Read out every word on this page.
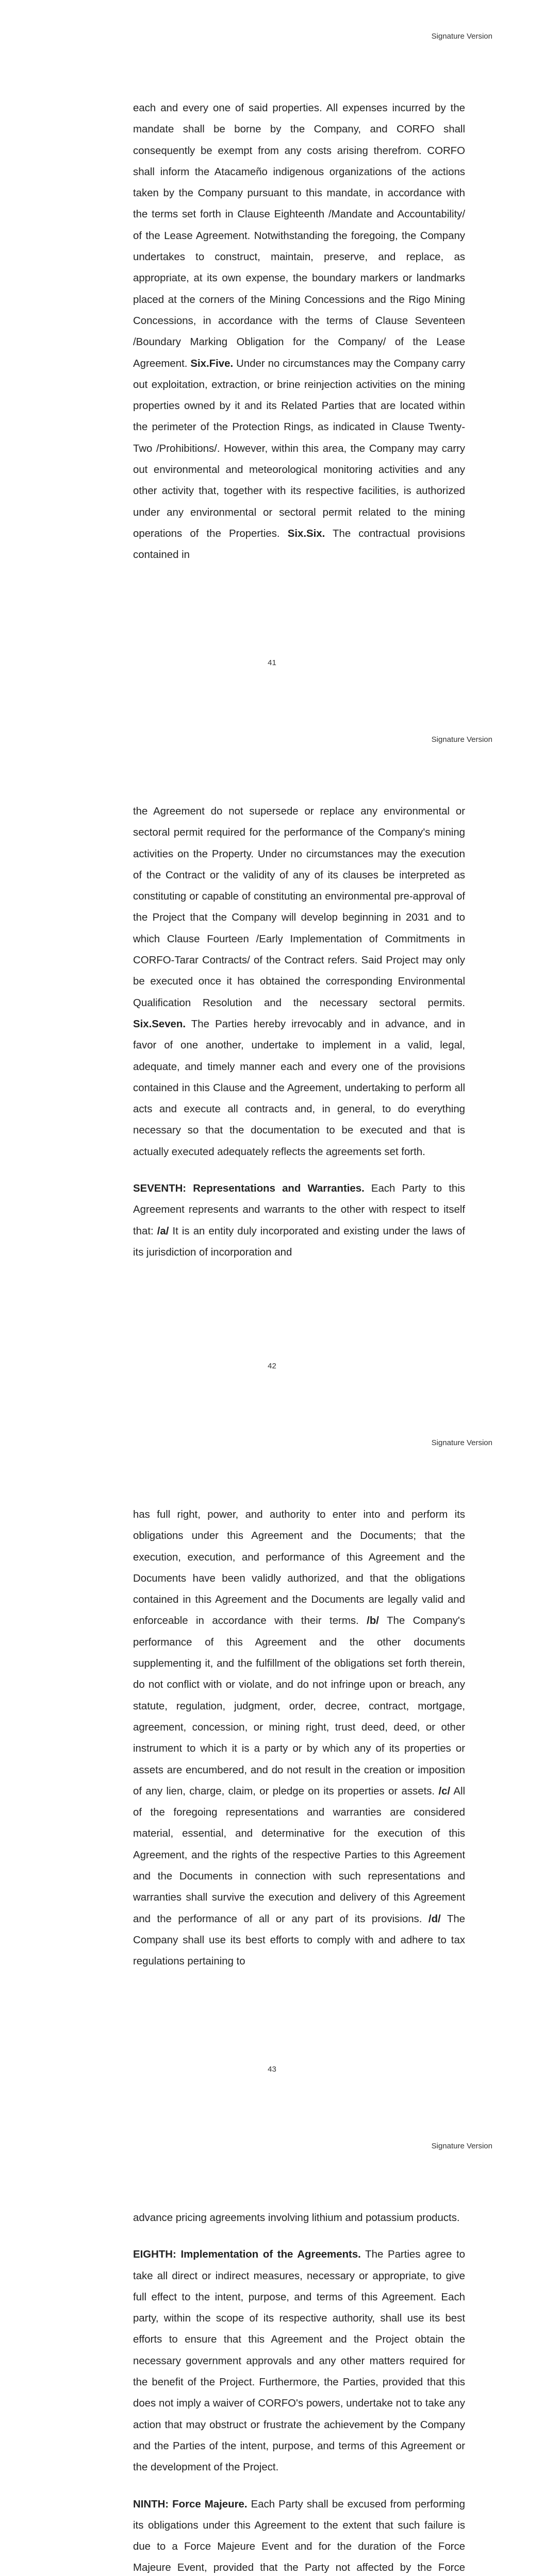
Signature Version

each and every one of said properties. All expenses incurred by the mandate shall be borne by the Company, and CORFO shall consequently be exempt from any costs arising therefrom. CORFO shall inform the Atacameño indigenous organizations of the actions taken by the Company pursuant to this mandate, in accordance with the terms set forth in Clause Eighteenth /Mandate and Accountability/ of the Lease Agreement. Notwithstanding the foregoing, the Company undertakes to construct, maintain, preserve, and replace, as appropriate, at its own expense, the boundary markers or landmarks placed at the corners of the Mining Concessions and the Rigo Mining Concessions, in accordance with the terms of Clause Seventeen /Boundary Marking Obligation for the Company/ of the Lease Agreement. Six.Five. Under no circumstances may the Company carry out exploitation, extraction, or brine reinjection activities on the mining properties owned by it and its Related Parties that are located within the perimeter of the Protection Rings, as indicated in Clause Twenty-Two /Prohibitions/. However, within this area, the Company may carry out environmental and meteorological monitoring activities and any other activity that, together with its respective facilities, is authorized under any environmental or sectoral permit related to the mining operations of the Properties. Six.Six. The contractual provisions contained in

41
Signature Version

the Agreement do not supersede or replace any environmental or sectoral permit required for the performance of the Company's mining activities on the Property. Under no circumstances may the execution of the Contract or the validity of any of its clauses be interpreted as constituting or capable of constituting an environmental pre-approval of the Project that the Company will develop beginning in 2031 and to which Clause Fourteen /Early Implementation of Commitments in CORFO-Tarar Contracts/ of the Contract refers. Said Project may only be executed once it has obtained the corresponding Environmental Qualification Resolution and the necessary sectoral permits. Six.Seven. The Parties hereby irrevocably and in advance, and in favor of one another, undertake to implement in a valid, legal, adequate, and timely manner each and every one of the provisions contained in this Clause and the Agreement, undertaking to perform all acts and execute all contracts and, in general, to do everything necessary so that the documentation to be executed and that is actually executed adequately reflects the agreements set forth.

SEVENTH: Representations and Warranties. Each Party to this Agreement represents and warrants to the other with respect to itself that: /a/ It is an entity duly incorporated and existing under the laws of its jurisdiction of incorporation and

42
Signature Version

has full right, power, and authority to enter into and perform its obligations under this Agreement and the Documents; that the execution, execution, and performance of this Agreement and the Documents have been validly authorized, and that the obligations contained in this Agreement and the Documents are legally valid and enforceable in accordance with their terms. /b/ The Company's performance of this Agreement and the other documents supplementing it, and the fulfillment of the obligations set forth therein, do not conflict with or violate, and do not infringe upon or breach, any statute, regulation, judgment, order, decree, contract, mortgage, agreement, concession, or mining right, trust deed, deed, or other instrument to which it is a party or by which any of its properties or assets are encumbered, and do not result in the creation or imposition of any lien, charge, claim, or pledge on its properties or assets. /c/ All of the foregoing representations and warranties are considered material, essential, and determinative for the execution of this Agreement, and the rights of the respective Parties to this Agreement and the Documents in connection with such representations and warranties shall survive the execution and delivery of this Agreement and the performance of all or any part of its provisions. /d/ The Company shall use its best efforts to comply with and adhere to tax regulations pertaining to

43
Signature Version

advance pricing agreements involving lithium and potassium products.

EIGHTH: Implementation of the Agreements. The Parties agree to take all direct or indirect measures, necessary or appropriate, to give full effect to the intent, purpose, and terms of this Agreement. Each party, within the scope of its respective authority, shall use its best efforts to ensure that this Agreement and the Project obtain the necessary government approvals and any other matters required for the benefit of the Project. Furthermore, the Parties, provided that this does not imply a waiver of CORFO's powers, undertake not to take any action that may obstruct or frustrate the achievement by the Company and the Parties of the intent, purpose, and terms of this Agreement or the development of the Project.

NINTH: Force Majeure. Each Party shall be excused from performing its obligations under this Agreement to the extent that such failure is due to a Force Majeure Event and for the duration of the Force Majeure Event, provided that the Party not affected by the Force
